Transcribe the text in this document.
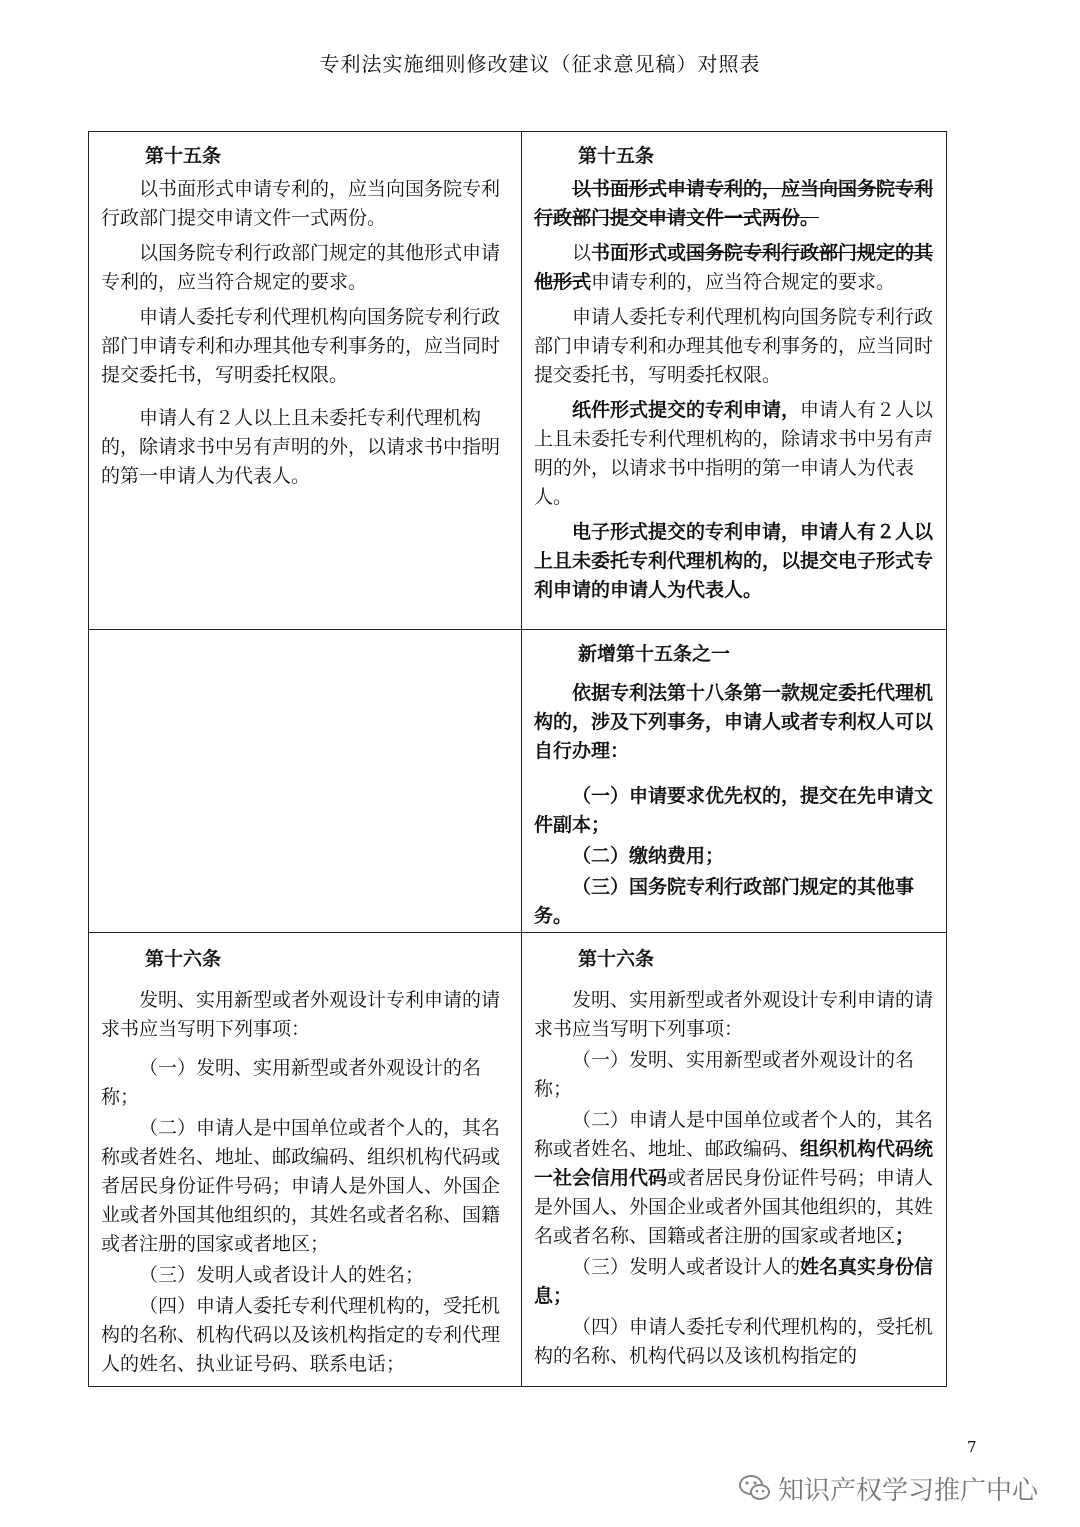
专利法实施细则修改建议（征求意见稿）对照表
第十五条
以书面形式申请专利的，应当向国务院专利行政部门提交申请文件一式两份。
以国务院专利行政部门规定的其他形式申请专利的，应当符合规定的要求。
申请人委托专利代理机构向国务院专利行政部门申请专利和办理其他专利事务的，应当同时提交委托书，写明委托权限。
申请人有２人以上且未委托专利代理机构的，除请求书中另有声明的外，以请求书中指明的第一申请人为代表人。
第十五条
以书面形式申请专利的，应当向国务院专利行政部门提交申请文件一式两份。
以书面形式或国务院专利行政部门规定的其他形式申请专利的，应当符合规定的要求。
申请人委托专利代理机构向国务院专利行政部门申请专利和办理其他专利事务的，应当同时提交委托书，写明委托权限。
纸件形式提交的专利申请，申请人有２人以上且未委托专利代理机构的，除请求书中另有声明的外，以请求书中指明的第一申请人为代表人。
电子形式提交的专利申请，申请人有２人以上且未委托专利代理机构的，以提交电子形式专利申请的申请人为代表人。
新增第十五条之一
依据专利法第十八条第一款规定委托代理机构的，涉及下列事务，申请人或者专利权人可以自行办理：
（一）申请要求优先权的，提交在先申请文件副本；
（二）缴纳费用；
（三）国务院专利行政部门规定的其他事务。
第十六条
发明、实用新型或者外观设计专利申请的请求书应当写明下列事项：
（一）发明、实用新型或者外观设计的名称；
（二）申请人是中国单位或者个人的，其名称或者姓名、地址、邮政编码、组织机构代码或者居民身份证件号码；申请人是外国人、外国企业或者外国其他组织的，其姓名或者名称、国籍或者注册的国家或者地区；
（三）发明人或者设计人的姓名；
（四）申请人委托专利代理机构的，受托机构的名称、机构代码以及该机构指定的专利代理人的姓名、执业证号码、联系电话；
第十六条
发明、实用新型或者外观设计专利申请的请求书应当写明下列事项：
（一）发明、实用新型或者外观设计的名称；
（二）申请人是中国单位或者个人的，其名称或者姓名、地址、邮政编码、组织机构代码统一社会信用代码或者居民身份证件号码；申请人是外国人、外国企业或者外国其他组织的，其姓名或者名称、国籍或者注册的国家或者地区；
（三）发明人或者设计人的姓名真实身份信息；
（四）申请人委托专利代理机构的，受托机构的名称、机构代码以及该机构指定的
7
知识产权学习推广中心
